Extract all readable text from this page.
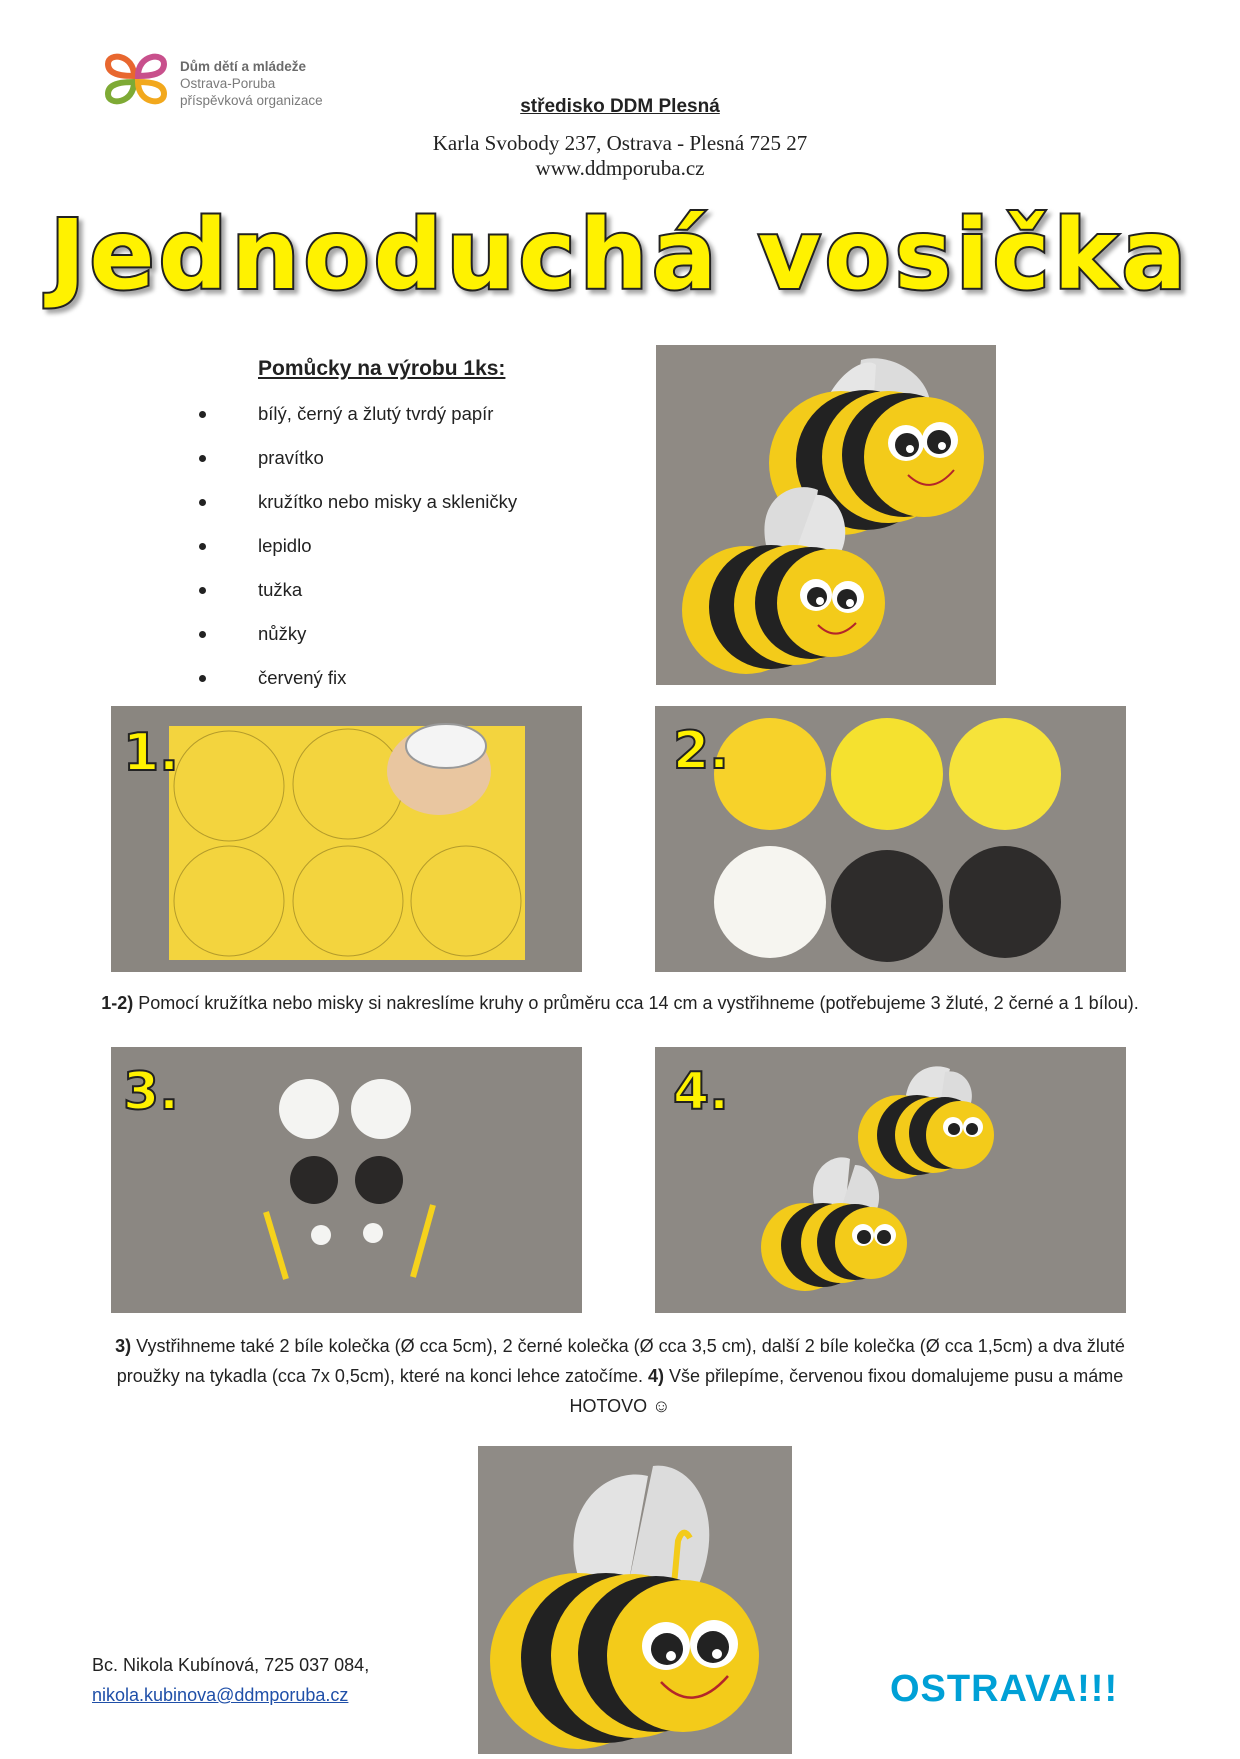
Dům dětí a mládeže
Ostrava-Poruba
příspěvková organizace	středisko DDM Plesná
Karla Svobody 237, Ostrava - Plesná 725 27
www.ddmporuba.cz
Jednoduchá vosička
Pomůcky na výrobu 1ks:
bílý, černý a žlutý tvrdý papír
pravítko
kružítko nebo misky a skleničky
lepidlo
tužka
nůžky
červený fix
1.	2.
1-2) Pomocí kružítka nebo misky si nakreslíme kruhy o průměru cca 14 cm a vystřihneme (potřebujeme 3 žluté, 2 černé a 1 bílou).
3.	4.
3) Vystřihneme také 2 bíle kolečka (Ø cca 5cm), 2 černé kolečka (Ø cca 3,5 cm), další 2 bíle kolečka (Ø cca 1,5cm) a dva žluté proužky na tykadla (cca 7x 0,5cm), které na konci lehce zatočíme. 4) Vše přilepíme, červenou fixou domalujeme pusu a máme HOTOVO ☺
Bc. Nikola Kubínová, 725 037 084,
nikola.kubinova@ddmporuba.cz	OSTRAVA!!!
